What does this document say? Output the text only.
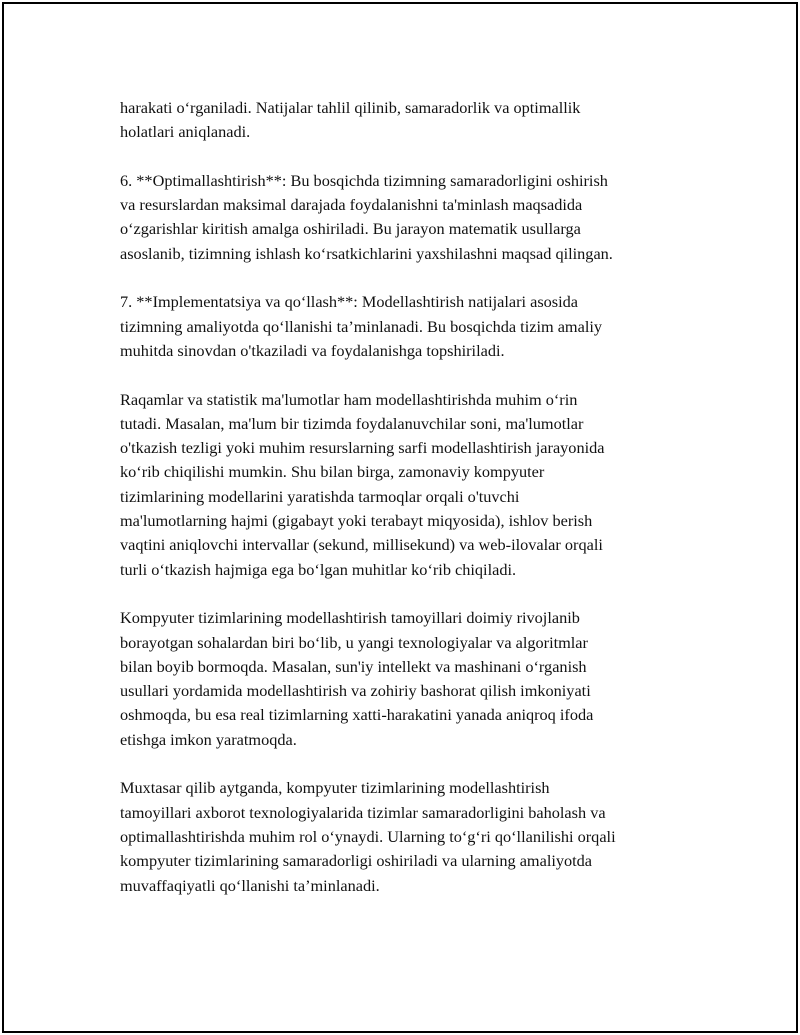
harakati o‘rganiladi. Natijalar tahlil qilinib, samaradorlik va optimallik
holatlari aniqlanadi.

6. **Optimallashtirish**: Bu bosqichda tizimning samaradorligini oshirish
va resurslardan maksimal darajada foydalanishni ta'minlash maqsadida
o‘zgarishlar kiritish amalga oshiriladi. Bu jarayon matematik usullarga
asoslanib, tizimning ishlash ko‘rsatkichlarini yaxshilashni maqsad qilingan.

7. **Implementatsiya va qo‘llash**: Modellashtirish natijalari asosida
tizimning amaliyotda qo‘llanishi ta’minlanadi. Bu bosqichda tizim amaliy
muhitda sinovdan o'tkaziladi va foydalanishga topshiriladi.

Raqamlar va statistik ma'lumotlar ham modellashtirishda muhim o‘rin
tutadi. Masalan, ma'lum bir tizimda foydalanuvchilar soni, ma'lumotlar
o'tkazish tezligi yoki muhim resurslarning sarfi modellashtirish jarayonida
ko‘rib chiqilishi mumkin. Shu bilan birga, zamonaviy kompyuter
tizimlarining modellarini yaratishda tarmoqlar orqali o'tuvchi
ma'lumotlarning hajmi (gigabayt yoki terabayt miqyosida), ishlov berish
vaqtini aniqlovchi intervallar (sekund, millisekund) va web-ilovalar orqali
turli o‘tkazish hajmiga ega bo‘lgan muhitlar ko‘rib chiqiladi.

Kompyuter tizimlarining modellashtirish tamoyillari doimiy rivojlanib
borayotgan sohalardan biri bo‘lib, u yangi texnologiyalar va algoritmlar
bilan boyib bormoqda. Masalan, sun'iy intellekt va mashinani o‘rganish
usullari yordamida modellashtirish va zohiriy bashorat qilish imkoniyati
oshmoqda, bu esa real tizimlarning xatti-harakatini yanada aniqroq ifoda
etishga imkon yaratmoqda.

Muxtasar qilib aytganda, kompyuter tizimlarining modellashtirish
tamoyillari axborot texnologiyalarida tizimlar samaradorligini baholash va
optimallashtirishda muhim rol o‘ynaydi. Ularning to‘g‘ri qo‘llanilishi orqali
kompyuter tizimlarining samaradorligi oshiriladi va ularning amaliyotda
muvaffaqiyatli qo‘llanishi ta’minlanadi.
